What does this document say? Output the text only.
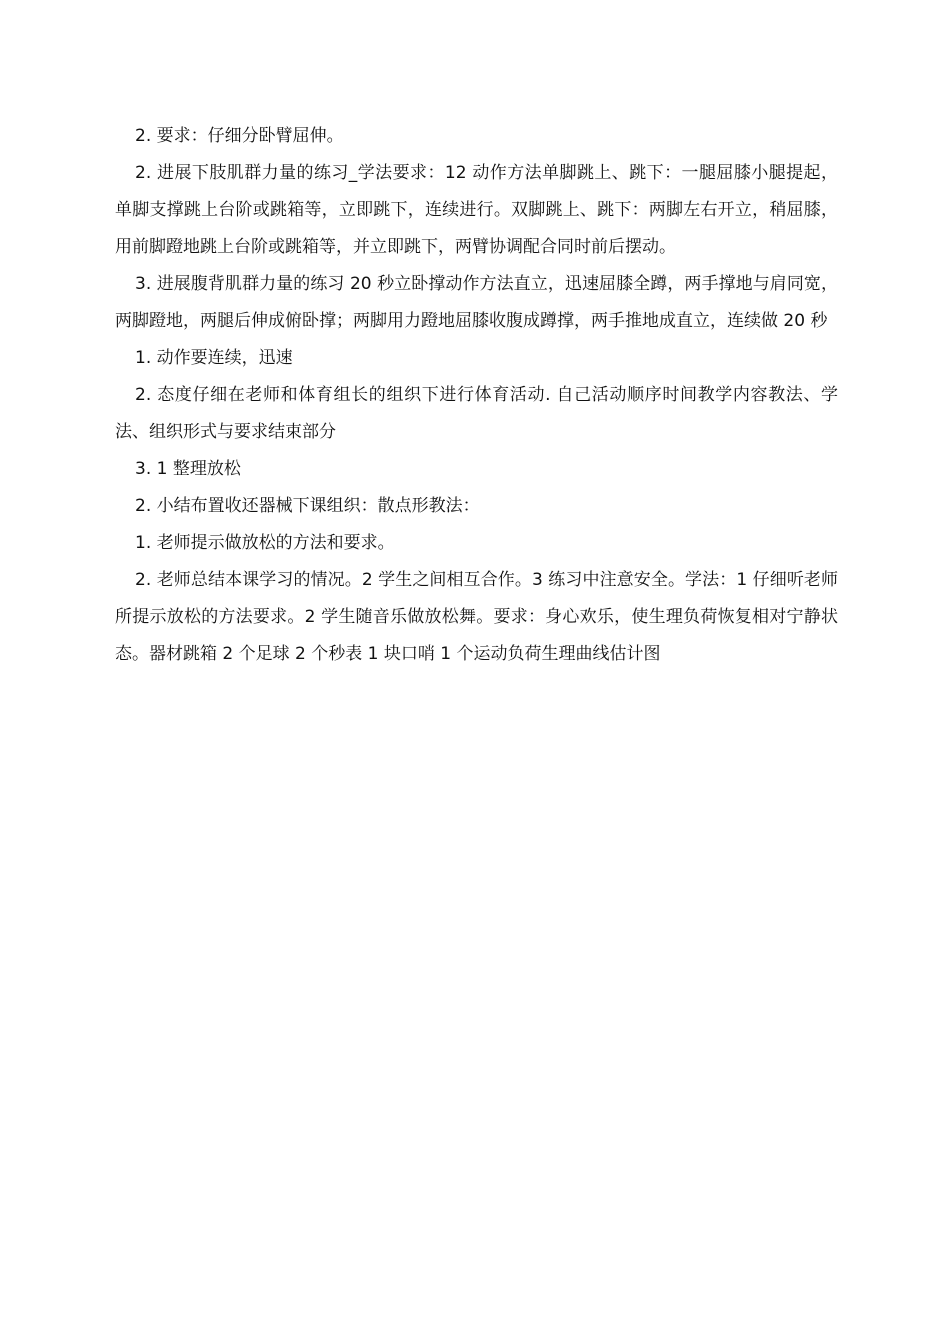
2. 要求：仔细分卧臂屈伸。

2. 进展下肢肌群力量的练习_学法要求：12 动作方法单脚跳上、跳下：一腿屈膝小腿提起，单脚支撑跳上台阶或跳箱等，立即跳下，连续进行。双脚跳上、跳下：两脚左右开立，稍屈膝，用前脚蹬地跳上台阶或跳箱等，并立即跳下，两臂协调配合同时前后摆动。

3. 进展腹背肌群力量的练习 20 秒立卧撑动作方法直立，迅速屈膝全蹲，两手撑地与肩同宽，两脚蹬地，两腿后伸成俯卧撑；两脚用力蹬地屈膝收腹成蹲撑，两手推地成直立，连续做 20 秒

1. 动作要连续，迅速

2. 态度仔细在老师和体育组长的组织下进行体育活动. 自己活动顺序时间教学内容教法、学法、组织形式与要求结束部分

3. 1 整理放松

2. 小结布置收还器械下课组织：散点形教法：

1. 老师提示做放松的方法和要求。

2. 老师总结本课学习的情况。2 学生之间相互合作。3 练习中注意安全。学法：1 仔细听老师所提示放松的方法要求。2 学生随音乐做放松舞。要求：身心欢乐，使生理负荷恢复相对宁静状态。器材跳箱 2 个足球 2 个秒表 1 块口哨 1 个运动负荷生理曲线估计图
